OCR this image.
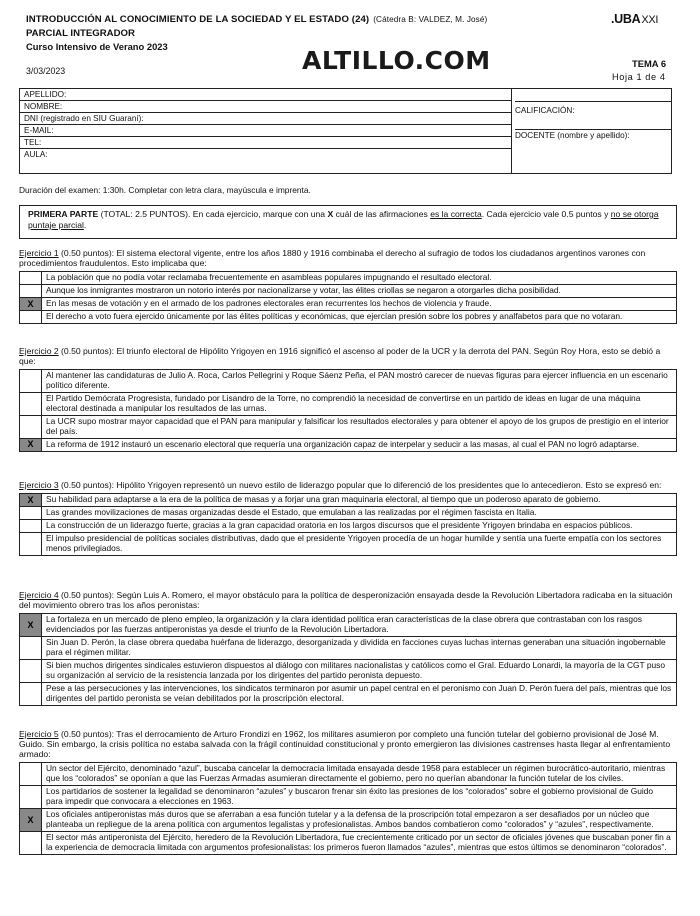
INTRODUCCIÓN AL CONOCIMIENTO DE LA SOCIEDAD Y EL ESTADO (24) (Cátedra B: VALDEZ, M. José)	.UBAXXI
PARCIAL INTEGRADOR
Curso Intensivo de Verano 2023
3/03/2023	ALTILLO.COM	TEMA 6
Hoja 1 de 4
APELLIDO:
NOMBRE:
DNI (registrado en SIU Guaraní):
E-MAIL:
TEL:
AULA:
CALIFICACIÓN:
DOCENTE (nombre y apellido):
Duración del examen: 1:30h. Completar con letra clara, mayúscula e imprenta.
PRIMERA PARTE (TOTAL: 2.5 PUNTOS). En cada ejercicio, marque con una X cuál de las afirmaciones es la correcta. Cada ejercicio vale 0.5 puntos y no se otorga puntaje parcial.
Ejercicio 1 (0.50 puntos): El sistema electoral vigente, entre los años 1880 y 1916 combinaba el derecho al sufragio de todos los ciudadanos argentinos varones con procedimientos fraudulentos. Esto implicaba que:
	La población que no podía votar reclamaba frecuentemente en asambleas populares impugnando el resultado electoral.
	Aunque los inmigrantes mostraron un notorio interés por nacionalizarse y votar, las élites criollas se negaron a otorgarles dicha posibilidad.
X	En las mesas de votación y en el armado de los padrones electorales eran recurrentes los hechos de violencia y fraude.
	El derecho a voto fuera ejercido únicamente por las élites políticas y económicas, que ejercían presión sobre los pobres y analfabetos para que no votaran.
Ejercicio 2 (0.50 puntos): El triunfo electoral de Hipólito Yrigoyen en 1916 significó el ascenso al poder de la UCR y la derrota del PAN. Según Roy Hora, esto se debió a que:
	Al mantener las candidaturas de Julio A. Roca, Carlos Pellegrini y Roque Sáenz Peña, el PAN mostró carecer de nuevas figuras para ejercer influencia en un escenario político diferente.
	El Partido Demócrata Progresista, fundado por Lisandro de la Torre, no comprendió la necesidad de convertirse en un partido de ideas en lugar de una máquina electoral destinada a manipular los resultados de las urnas.
	La UCR supo mostrar mayor capacidad que el PAN para manipular y falsificar los resultados electorales y para obtener el apoyo de los grupos de prestigio en el interior del país.
X	La reforma de 1912 instauró un escenario electoral que requería una organización capaz de interpelar y seducir a las masas, al cual el PAN no logró adaptarse.
Ejercicio 3 (0.50 puntos): Hipólito Yrigoyen representó un nuevo estilo de liderazgo popular que lo diferenció de los presidentes que lo antecedieron. Esto se expresó en:
X	Su habilidad para adaptarse a la era de la política de masas y a forjar una gran maquinaria electoral, al tiempo que un poderoso aparato de gobierno.
	Las grandes movilizaciones de masas organizadas desde el Estado, que emulaban a las realizadas por el régimen fascista en Italia.
	La construcción de un liderazgo fuerte, gracias a la gran capacidad oratoria en los largos discursos que el presidente Yrigoyen brindaba en espacios públicos.
	El impulso presidencial de políticas sociales distributivas, dado que el presidente Yrigoyen procedía de un hogar humilde y sentía una fuerte empatía con los sectores menos privilegiados.
Ejercicio 4 (0.50 puntos): Según Luis A. Romero, el mayor obstáculo para la política de desperonización ensayada desde la Revolución Libertadora radicaba en la situación del movimiento obrero tras los años peronistas:
X	La fortaleza en un mercado de pleno empleo, la organización y la clara identidad política eran características de la clase obrera que contrastaban con los rasgos evidenciados por las fuerzas antiperonistas ya desde el triunfo de la Revolución Libertadora.
	Sin Juan D. Perón, la clase obrera quedaba huérfana de liderazgo, desorganizada y dividida en facciones cuyas luchas internas generaban una situación ingobernable para el régimen militar.
	Si bien muchos dirigentes sindicales estuvieron dispuestos al diálogo con militares nacionalistas y católicos como el Gral. Eduardo Lonardi, la mayoría de la CGT puso su organización al servicio de la resistencia lanzada por los dirigentes del partido peronista depuesto.
	Pese a las persecuciones y las intervenciones, los sindicatos terminaron por asumir un papel central en el peronismo con Juan D. Perón fuera del país, mientras que los dirigentes del partido peronista se veían debilitados por la proscripción electoral.
Ejercicio 5 (0.50 puntos): Tras el derrocamiento de Arturo Frondizi en 1962, los militares asumieron por completo una función tutelar del gobierno provisional de José M. Guido. Sin embargo, la crisis política no estaba salvada con la frágil continuidad constitucional y pronto emergieron las divisiones castrenses hasta llegar al enfrentamiento armado:
	Un sector del Ejército, denominado “azul”, buscaba cancelar la democracia limitada ensayada desde 1958 para establecer un régimen burocrático-autoritario, mientras que los “colorados” se oponían a que las Fuerzas Armadas asumieran directamente el gobierno, pero no querían abandonar la función tutelar de los civiles.
	Los partidarios de sostener la legalidad se denominaron “azules” y buscaron frenar sin éxito las presiones de los “colorados” sobre el gobierno provisional de Guido para impedir que convocara a elecciones en 1963.
X	Los oficiales antiperonistas más duros que se aferraban a esa función tutelar y a la defensa de la proscripción total empezaron a ser desafiados por un núcleo que planteaba un repliegue de la arena política con argumentos legalistas y profesionalistas. Ambos bandos combatieron como “colorados” y “azules”, respectivamente.
	El sector más antiperonista del Ejército, heredero de la Revolución Libertadora, fue crecientemente criticado por un sector de oficiales jóvenes que buscaban poner fin a la experiencia de democracia limitada con argumentos profesionalistas: los primeros fueron llamados “azules”, mientras que estos últimos se denominaron “colorados”.
